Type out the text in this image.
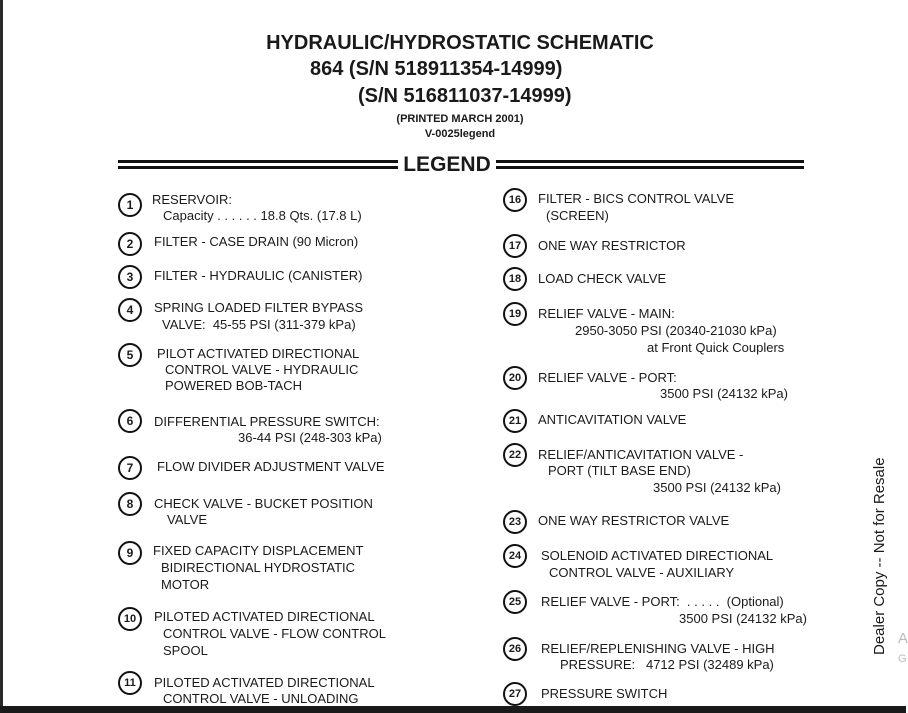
HYDRAULIC/HYDROSTATIC SCHEMATIC
864 (S/N 518911354-14999)
(S/N 516811037-14999)
(PRINTED MARCH 2001)
V-0025legend
LEGEND
1	RESERVOIR:
Capacity . . . . . . 18.8 Qts. (17.8 L)
2	FILTER - CASE DRAIN (90 Micron)
3	FILTER - HYDRAULIC (CANISTER)
4	SPRING LOADED FILTER BYPASS
VALVE:  45-55 PSI (311-379 kPa)
5	PILOT ACTIVATED DIRECTIONAL
CONTROL VALVE - HYDRAULIC
POWERED BOB-TACH
6	DIFFERENTIAL PRESSURE SWITCH:
36-44 PSI (248-303 kPa)
7	FLOW DIVIDER ADJUSTMENT VALVE
8	CHECK VALVE - BUCKET POSITION
VALVE
9	FIXED CAPACITY DISPLACEMENT
BIDIRECTIONAL HYDROSTATIC
MOTOR
10	PILOTED ACTIVATED DIRECTIONAL
CONTROL VALVE - FLOW CONTROL
SPOOL
11	PILOTED ACTIVATED DIRECTIONAL
CONTROL VALVE - UNLOADING
16	FILTER - BICS CONTROL VALVE
(SCREEN)
17	ONE WAY RESTRICTOR
18	LOAD CHECK VALVE
19	RELIEF VALVE - MAIN:
2950-3050 PSI (20340-21030 kPa)
at Front Quick Couplers
20	RELIEF VALVE - PORT:
3500 PSI (24132 kPa)
21	ANTICAVITATION VALVE
22	RELIEF/ANTICAVITATION VALVE -
PORT (TILT BASE END)
3500 PSI (24132 kPa)
23	ONE WAY RESTRICTOR VALVE
24	SOLENOID ACTIVATED DIRECTIONAL
CONTROL VALVE - AUXILIARY
25	RELIEF VALVE - PORT:  . . . . .  (Optional)
3500 PSI (24132 kPa)
26	RELIEF/REPLENISHING VALVE - HIGH
PRESSURE:   4712 PSI (32489 kPa)
27	PRESSURE SWITCH
Dealer Copy -- Not for Resale A
G
